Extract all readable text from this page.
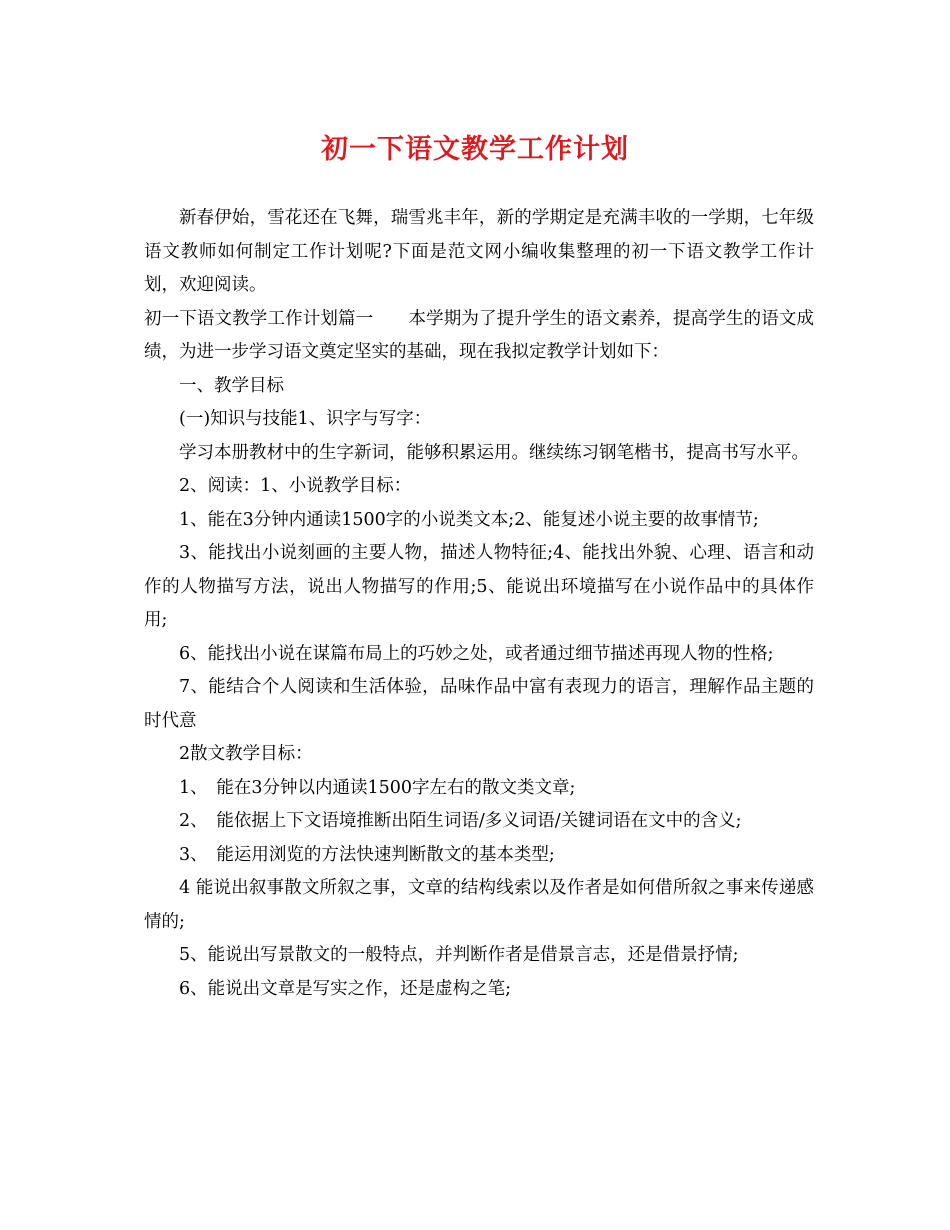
初一下语文教学工作计划

新春伊始，雪花还在飞舞，瑞雪兆丰年，新的学期定是充满丰收的一学期，七年级语文教师如何制定工作计划呢?下面是范文网小编收集整理的初一下语文教学工作计划，欢迎阅读。

初一下语文教学工作计划篇一　　本学期为了提升学生的语文素养，提高学生的语文成绩，为进一步学习语文奠定坚实的基础，现在我拟定教学计划如下：

一、教学目标

(一)知识与技能1、识字与写字：

学习本册教材中的生字新词，能够积累运用。继续练习钢笔楷书，提高书写水平。

2、阅读：1、小说教学目标：

1、能在3分钟内通读1500字的小说类文本;2、能复述小说主要的故事情节;

3、能找出小说刻画的主要人物，描述人物特征;4、能找出外貌、心理、语言和动作的人物描写方法，说出人物描写的作用;5、能说出环境描写在小说作品中的具体作用;

6、能找出小说在谋篇布局上的巧妙之处，或者通过细节描述再现人物的性格;

7、能结合个人阅读和生活体验，品味作品中富有表现力的语言，理解作品主题的时代意

2散文教学目标：

1、　能在3分钟以内通读1500字左右的散文类文章;

2、　能依据上下文语境推断出陌生词语/多义词语/关键词语在文中的含义;

3、　能运用浏览的方法快速判断散文的基本类型;

4 能说出叙事散文所叙之事，文章的结构线索以及作者是如何借所叙之事来传递感情的;

5、能说出写景散文的一般特点，并判断作者是借景言志，还是借景抒情;

6、能说出文章是写实之作，还是虚构之笔;
